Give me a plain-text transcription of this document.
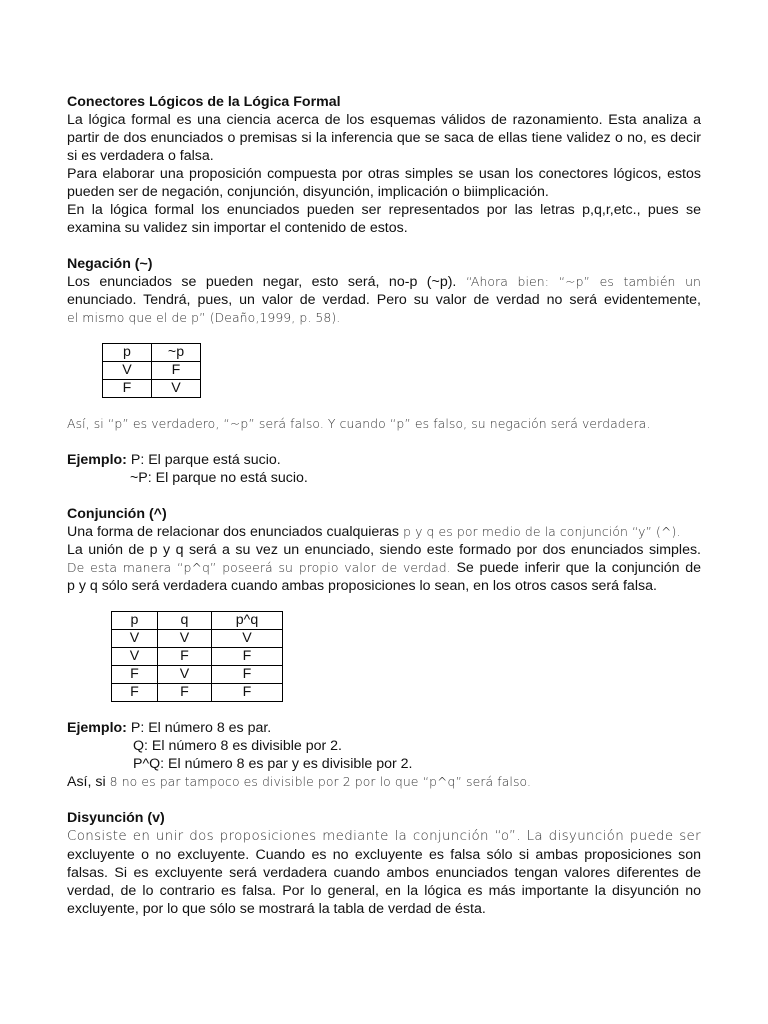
Conectores Lógicos de la Lógica Formal

La lógica formal es una ciencia acerca de los esquemas válidos de razonamiento. Esta analiza a partir de dos enunciados o premisas si la inferencia que se saca de ellas tiene validez o no, es decir si es verdadera o falsa.

Para elaborar una proposición compuesta por otras simples se usan los conectores lógicos, estos pueden ser de negación, conjunción, disyunción, implicación o biimplicación.

En la lógica formal los enunciados pueden ser representados por las letras p,q,r,etc., pues se examina su validez sin importar el contenido de estos.

Negación (~)

Los enunciados se pueden negar, esto será, no-p (~p). “Ahora bien: “~p” es también un

enunciado. Tendrá, pues, un valor de verdad. Pero su valor de verdad no será evidentemente,

el mismo que el de p” (Deaño,1999, p. 58).

p	~p
V	F
F	V

Así, si “p” es verdadero, “~p” será falso. Y cuando “p” es falso, su negación será verdadera.

Ejemplo: P: El parque está sucio.

~P: El parque no está sucio.

Conjunción (^)

Una forma de relacionar dos enunciados cualquieras p y q es por medio de la conjunción “y” (^).

La unión de p y q será a su vez un enunciado, siendo este formado por dos enunciados simples.

De esta manera “p^q” poseerá su propio valor de verdad. Se puede inferir que la conjunción de

p y q sólo será verdadera cuando ambas proposiciones lo sean, en los otros casos será falsa.

p	q	p^q
V	V	V
V	F	F
F	V	F
F	F	F

Ejemplo: P: El número 8 es par.

Q: El número 8 es divisible por 2.

P^Q: El número 8 es par y es divisible por 2.

Así, si 8 no es par tampoco es divisible por 2 por lo que “p^q” será falso.

Disyunción (v)

Consiste en unir dos proposiciones mediante la conjunción “o”. La disyunción puede ser

excluyente o no excluyente. Cuando es no excluyente es falsa sólo si ambas proposiciones son falsas. Si es excluyente será verdadera cuando ambos enunciados tengan valores diferentes de verdad, de lo contrario es falsa. Por lo general, en la lógica es más importante la disyunción no excluyente, por lo que sólo se mostrará la tabla de verdad de ésta.
